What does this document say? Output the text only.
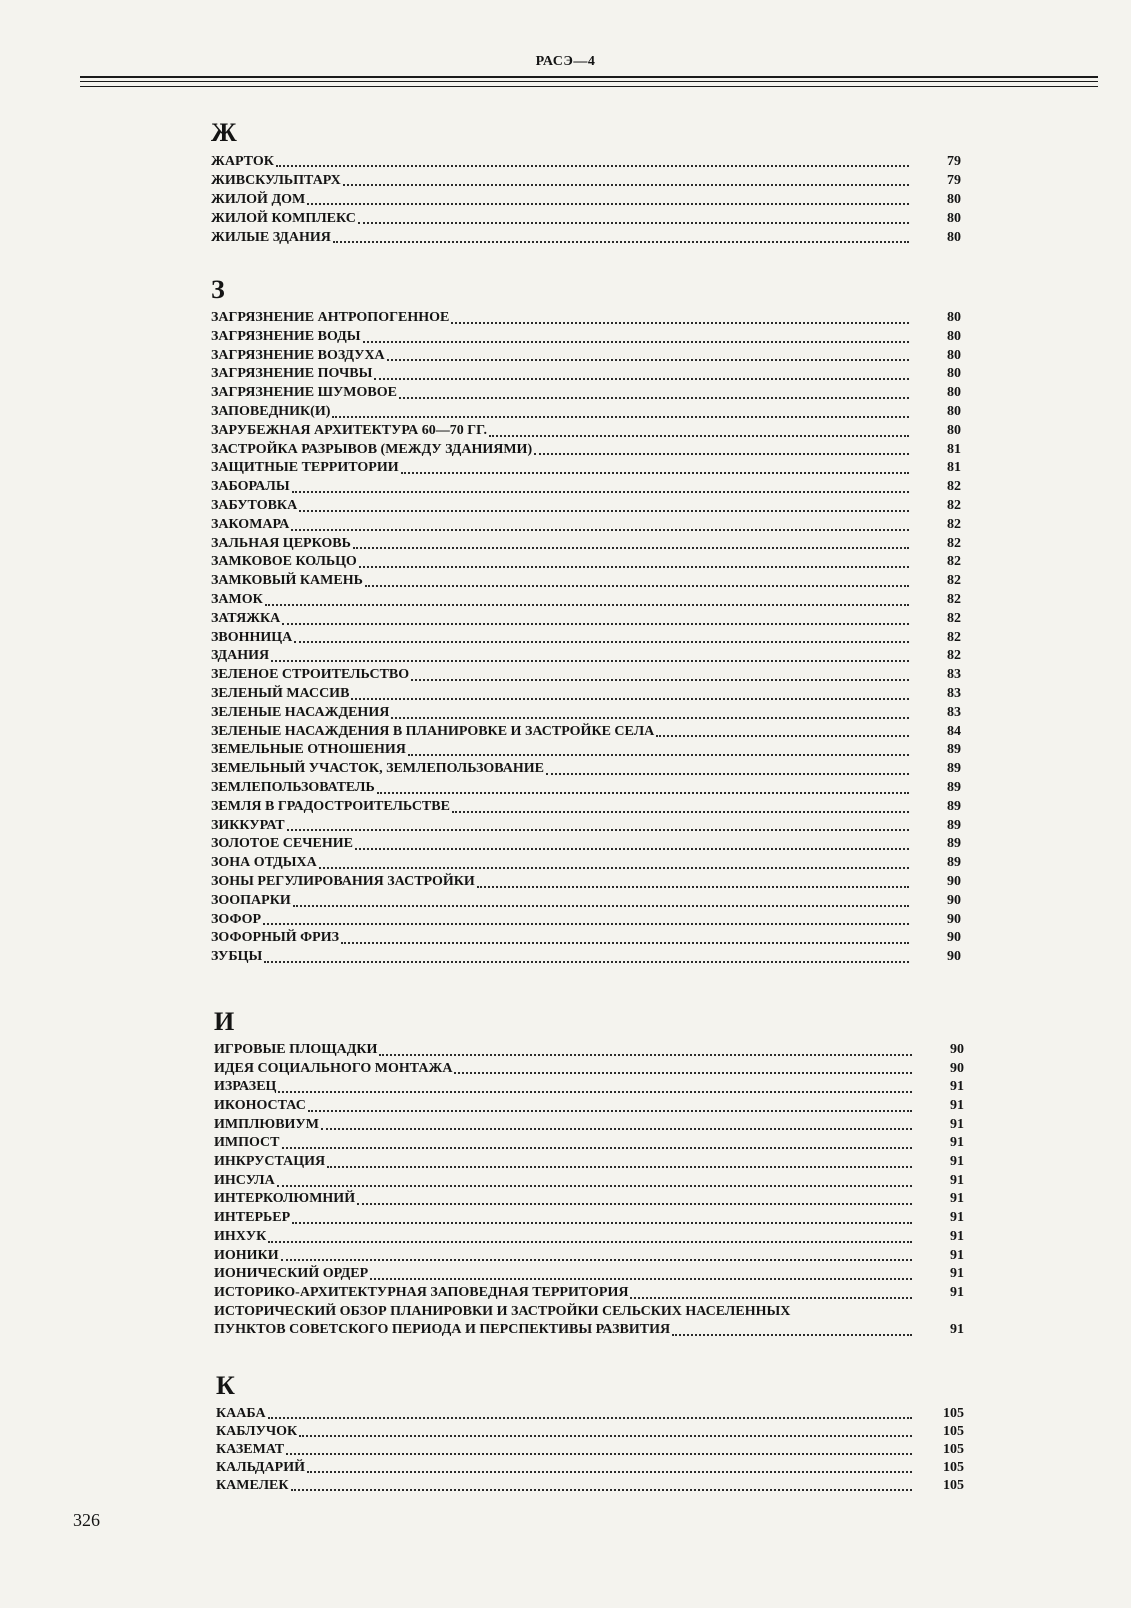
РАСЭ—4
Ж
ЖАРТОК	79
ЖИВСКУЛЬПТАРХ	79
ЖИЛОЙ ДОМ	80
ЖИЛОЙ КОМПЛЕКС	80
ЖИЛЫЕ ЗДАНИЯ	80
З
ЗАГРЯЗНЕНИЕ АНТРОПОГЕННОЕ	80
ЗАГРЯЗНЕНИЕ ВОДЫ	80
ЗАГРЯЗНЕНИЕ ВОЗДУХА	80
ЗАГРЯЗНЕНИЕ ПОЧВЫ	80
ЗАГРЯЗНЕНИЕ ШУМОВОЕ	80
ЗАПОВЕДНИК(И)	80
ЗАРУБЕЖНАЯ АРХИТЕКТУРА 60—70 ГГ.	80
ЗАСТРОЙКА РАЗРЫВОВ (МЕЖДУ ЗДАНИЯМИ)	81
ЗАЩИТНЫЕ ТЕРРИТОРИИ	81
ЗАБОРАЛЫ	82
ЗАБУТОВКА	82
ЗАКОМАРА	82
ЗАЛЬНАЯ ЦЕРКОВЬ	82
ЗАМКОВОЕ КОЛЬЦО	82
ЗАМКОВЫЙ КАМЕНЬ	82
ЗАМОК	82
ЗАТЯЖКА	82
ЗВОННИЦА	82
ЗДАНИЯ	82
ЗЕЛЕНОЕ СТРОИТЕЛЬСТВО	83
ЗЕЛЕНЫЙ МАССИВ	83
ЗЕЛЕНЫЕ НАСАЖДЕНИЯ	83
ЗЕЛЕНЫЕ НАСАЖДЕНИЯ В ПЛАНИРОВКЕ И ЗАСТРОЙКЕ СЕЛА	84
ЗЕМЕЛЬНЫЕ ОТНОШЕНИЯ	89
ЗЕМЕЛЬНЫЙ УЧАСТОК, ЗЕМЛЕПОЛЬЗОВАНИЕ	89
ЗЕМЛЕПОЛЬЗОВАТЕЛЬ	89
ЗЕМЛЯ В ГРАДОСТРОИТЕЛЬСТВЕ	89
ЗИККУРАТ	89
ЗОЛОТОЕ СЕЧЕНИЕ	89
ЗОНА ОТДЫХА	89
ЗОНЫ РЕГУЛИРОВАНИЯ ЗАСТРОЙКИ	90
ЗООПАРКИ	90
ЗОФОР	90
ЗОФОРНЫЙ ФРИЗ	90
ЗУБЦЫ	90
И
ИГРОВЫЕ ПЛОЩАДКИ	90
ИДЕЯ СОЦИАЛЬНОГО МОНТАЖА	90
ИЗРАЗЕЦ	91
ИКОНОСТАС	91
ИМПЛЮВИУМ	91
ИМПОСТ	91
ИНКРУСТАЦИЯ	91
ИНСУЛА	91
ИНТЕРКОЛЮМНИЙ	91
ИНТЕРЬЕР	91
ИНХУК	91
ИОНИКИ	91
ИОНИЧЕСКИЙ ОРДЕР	91
ИСТОРИКО-АРХИТЕКТУРНАЯ ЗАПОВЕДНАЯ ТЕРРИТОРИЯ	91
ИСТОРИЧЕСКИЙ ОБЗОР ПЛАНИРОВКИ И ЗАСТРОЙКИ СЕЛЬСКИХ НАСЕЛЕННЫХ
ПУНКТОВ СОВЕТСКОГО ПЕРИОДА И ПЕРСПЕКТИВЫ РАЗВИТИЯ	91
К
КААБА	105
КАБЛУЧОК	105
КАЗЕМАТ	105
КАЛЬДАРИЙ	105
КАМЕЛЕК	105
326
